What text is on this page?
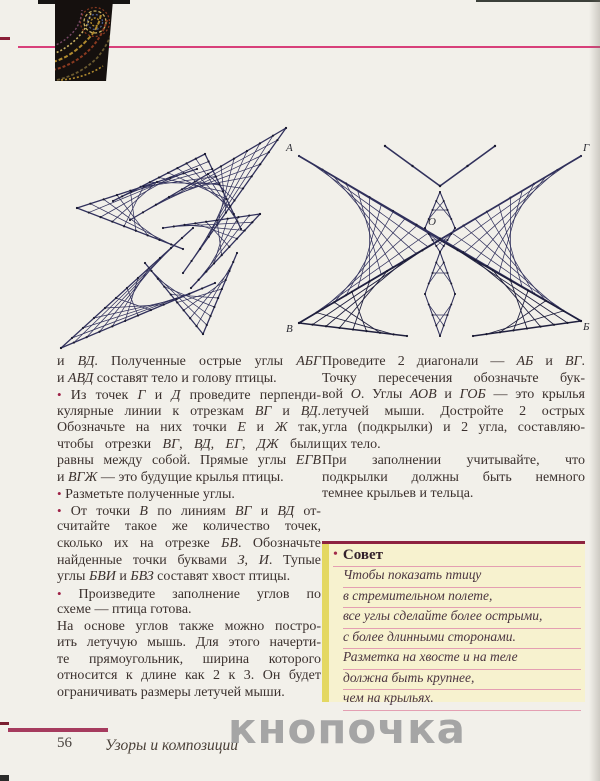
А	Г
В	Б
О
и ВД. Полученные острые углы АБГ
и АВД составят тело и голову птицы.
• Из точек Г и Д проведите перпенди-
кулярные линии к отрезкам ВГ и ВД.
Обозначьте на них точки Е и Ж так,
чтобы отрезки ВГ, ВД, ЕГ, ДЖ были
равны между собой. Прямые углы ЕГВ
и ВГЖ — это будущие крылья птицы.
• Разметьте полученные углы.
• От точки В по линиям ВГ и ВД от-
считайте такое же количество точек,
сколько их на отрезке БВ. Обозначьте
найденные точки буквами З, И. Тупые
углы БВИ и БВЗ составят хвост птицы.
• Произведите заполнение углов по
схеме — птица готова.
На основе углов также можно постро-
ить летучую мышь. Для этого начерти-
те прямоугольник, ширина которого
относится к длине как 2 к 3. Он будет
ограничивать размеры летучей мыши.
Проведите 2 диагонали — АБ и ВГ.
Точку пересечения обозначьте бук-
вой О. Углы АОВ и ГОБ — это крылья
летучей мыши. Достройте 2 острых
угла (подкрылки) и 2 угла, составляю-
щих тело.
При заполнении учитывайте, что
подкрылки должны быть немного
темнее крыльев и тельца.
• Совет
Чтобы показать птицу
в стремительном полете,
все углы сделайте более острыми,
с более длинными сторонами.
Разметка на хвосте и на теле
должна быть крупнее,
чем на крыльях.
56 Узоры и композиции
кнопочка
